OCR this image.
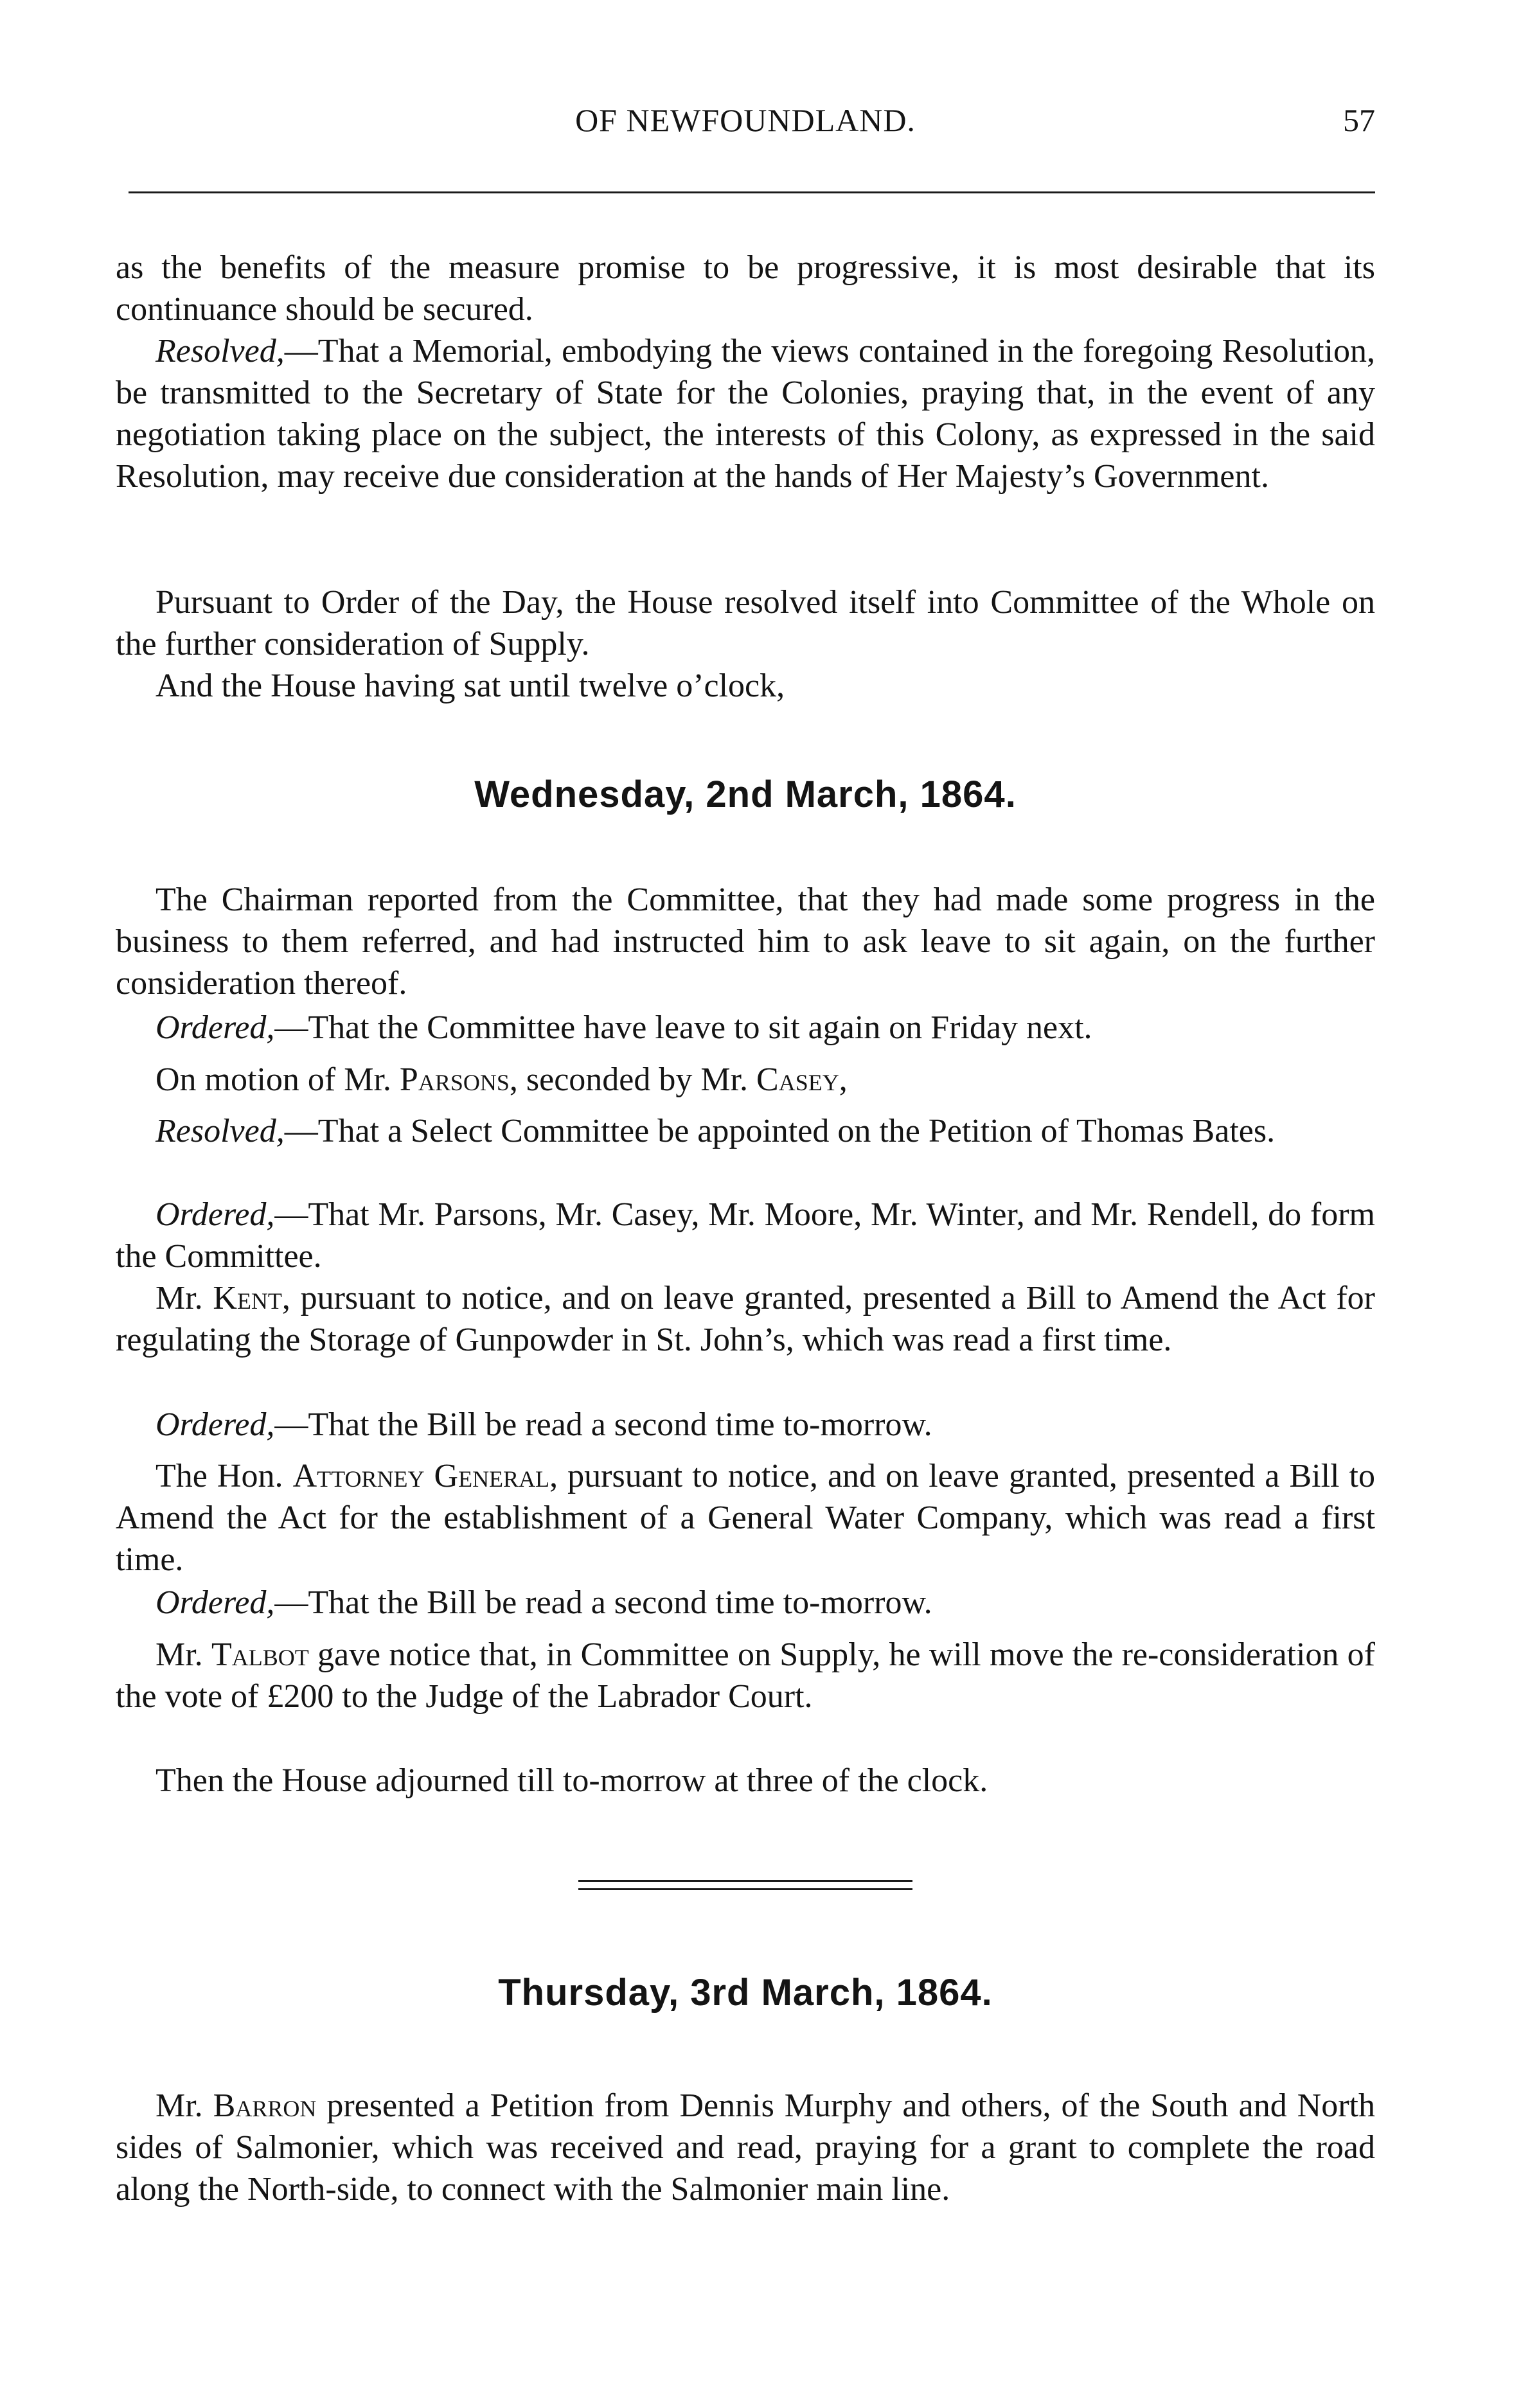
OF NEWFOUNDLAND.	57

as the benefits of the measure promise to be progressive, it is most desirable that its continuance should be secured.

Resolved,—That a Memorial, embodying the views contained in the foregoing Resolution, be transmitted to the Secretary of State for the Colonies, praying that, in the event of any negotiation taking place on the subject, the interests of this Colony, as expressed in the said Resolution, may receive due consideration at the hands of Her Majesty’s Government.

Pursuant to Order of the Day, the House resolved itself into Committee of the Whole on the further consideration of Supply.

And the House having sat until twelve o’clock,

Wednesday, 2nd March, 1864.

The Chairman reported from the Committee, that they had made some progress in the business to them referred, and had instructed him to ask leave to sit again, on the further consideration thereof.

Ordered,—That the Committee have leave to sit again on Friday next.

On motion of Mr. Parsons, seconded by Mr. Casey,

Resolved,—That a Select Committee be appointed on the Petition of Thomas Bates.

Ordered,—That Mr. Parsons, Mr. Casey, Mr. Moore, Mr. Winter, and Mr. Rendell, do form the Committee.

Mr. Kent, pursuant to notice, and on leave granted, presented a Bill to Amend the Act for regulating the Storage of Gunpowder in St. John’s, which was read a first time.

Ordered,—That the Bill be read a second time to-morrow.

The Hon. Attorney General, pursuant to notice, and on leave granted, presented a Bill to Amend the Act for the establishment of a General Water Company, which was read a first time.

Ordered,—That the Bill be read a second time to-morrow.

Mr. Talbot gave notice that, in Committee on Supply, he will move the re-consideration of the vote of £200 to the Judge of the Labrador Court.

Then the House adjourned till to-morrow at three of the clock.

Thursday, 3rd March, 1864.

Mr. Barron presented a Petition from Dennis Murphy and others, of the South and North sides of Salmonier, which was received and read, praying for a grant to complete the road along the North-side, to connect with the Salmonier main line.
